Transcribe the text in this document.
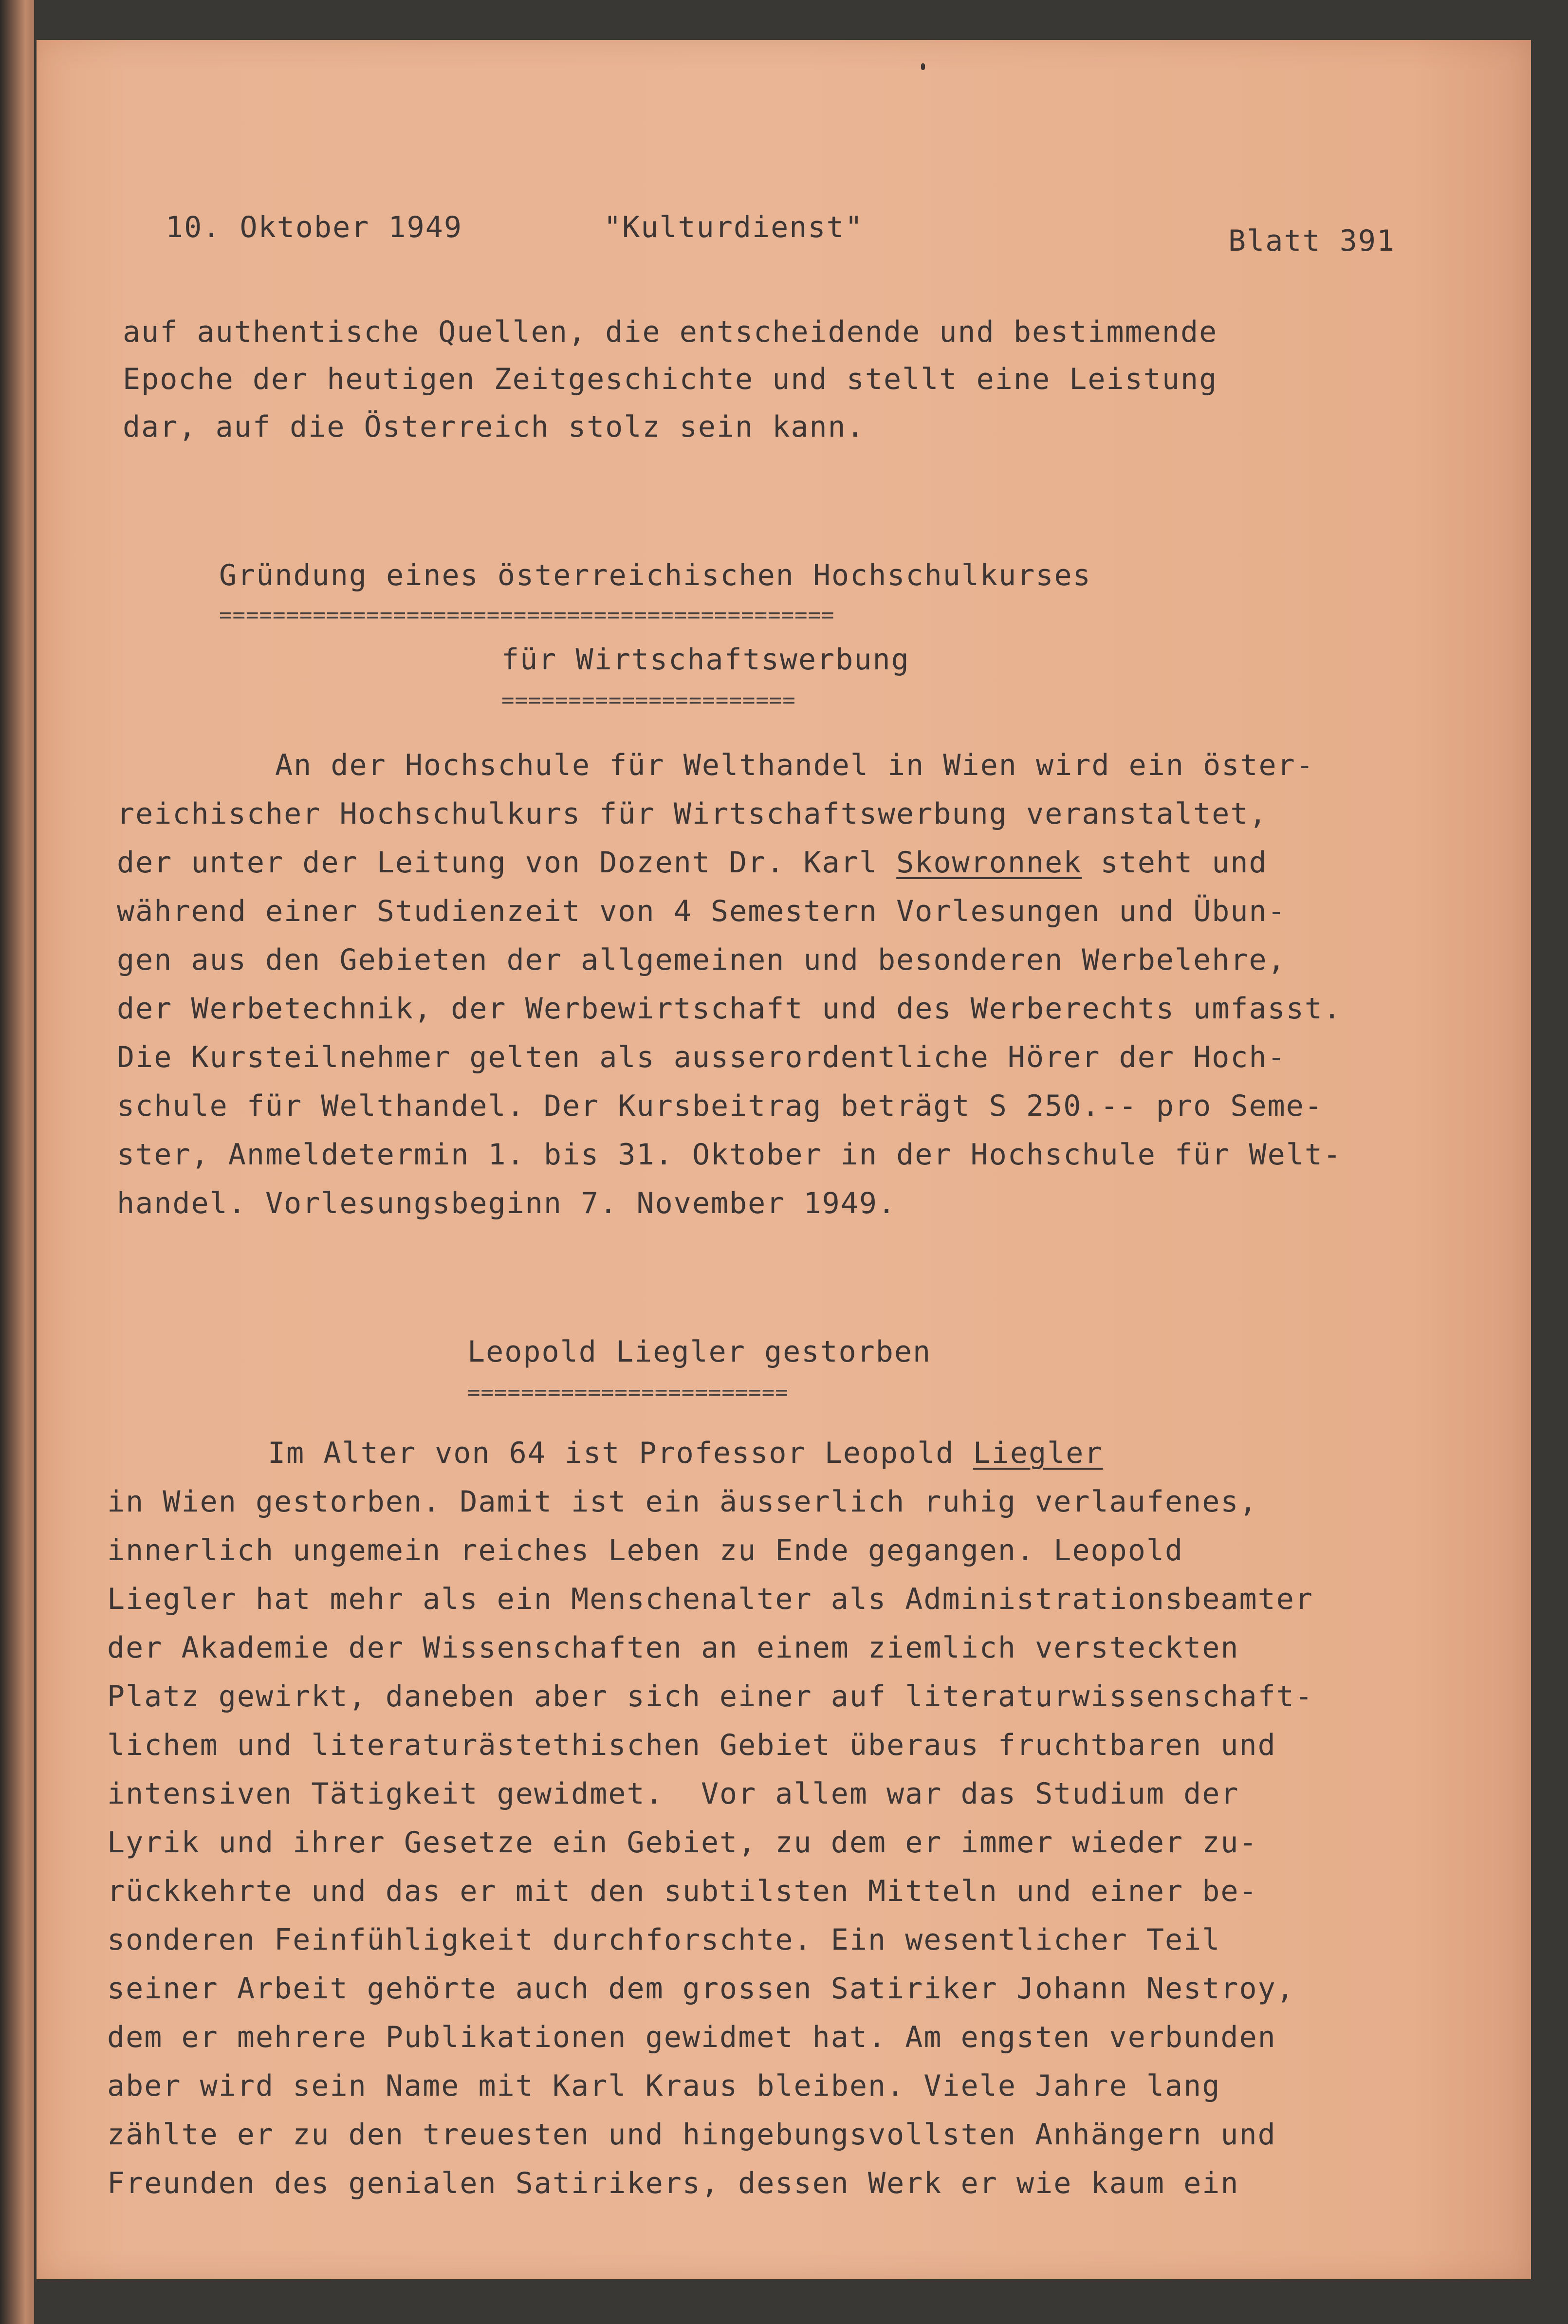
10. Oktober 1949	"Kulturdienst"	Blatt 391
auf authentische Quellen, die entscheidende und bestimmende
Epoche der heutigen Zeitgeschichte und stellt eine Leistung
dar, auf die Österreich stolz sein kann.
Gründung eines österreichischen Hochschulkurses
==============================================
für Wirtschaftswerbung
======================
An der Hochschule für Welthandel in Wien wird ein öster-
reichischer Hochschulkurs für Wirtschaftswerbung veranstaltet,
der unter der Leitung von Dozent Dr. Karl Skowronnek steht und
während einer Studienzeit von 4 Semestern Vorlesungen und Übun-
gen aus den Gebieten der allgemeinen und besonderen Werbelehre,
der Werbetechnik, der Werbewirtschaft und des Werberechts umfasst.
Die Kursteilnehmer gelten als ausserordentliche Hörer der Hoch-
schule für Welthandel. Der Kursbeitrag beträgt S 250.-- pro Seme-
ster, Anmeldetermin 1. bis 31. Oktober in der Hochschule für Welt-
handel. Vorlesungsbeginn 7. November 1949.
Leopold Liegler gestorben
========================
Im Alter von 64 ist Professor Leopold Liegler
in Wien gestorben. Damit ist ein äusserlich ruhig verlaufenes,
innerlich ungemein reiches Leben zu Ende gegangen. Leopold
Liegler hat mehr als ein Menschenalter als Administrationsbeamter
der Akademie der Wissenschaften an einem ziemlich versteckten
Platz gewirkt, daneben aber sich einer auf literaturwissenschaft-
lichem und literaturästethischen Gebiet überaus fruchtbaren und
intensiven Tätigkeit gewidmet.  Vor allem war das Studium der
Lyrik und ihrer Gesetze ein Gebiet, zu dem er immer wieder zu-
rückkehrte und das er mit den subtilsten Mitteln und einer be-
sonderen Feinfühligkeit durchforschte. Ein wesentlicher Teil
seiner Arbeit gehörte auch dem grossen Satiriker Johann Nestroy,
dem er mehrere Publikationen gewidmet hat. Am engsten verbunden
aber wird sein Name mit Karl Kraus bleiben. Viele Jahre lang
zählte er zu den treuesten und hingebungsvollsten Anhängern und
Freunden des genialen Satirikers, dessen Werk er wie kaum ein
